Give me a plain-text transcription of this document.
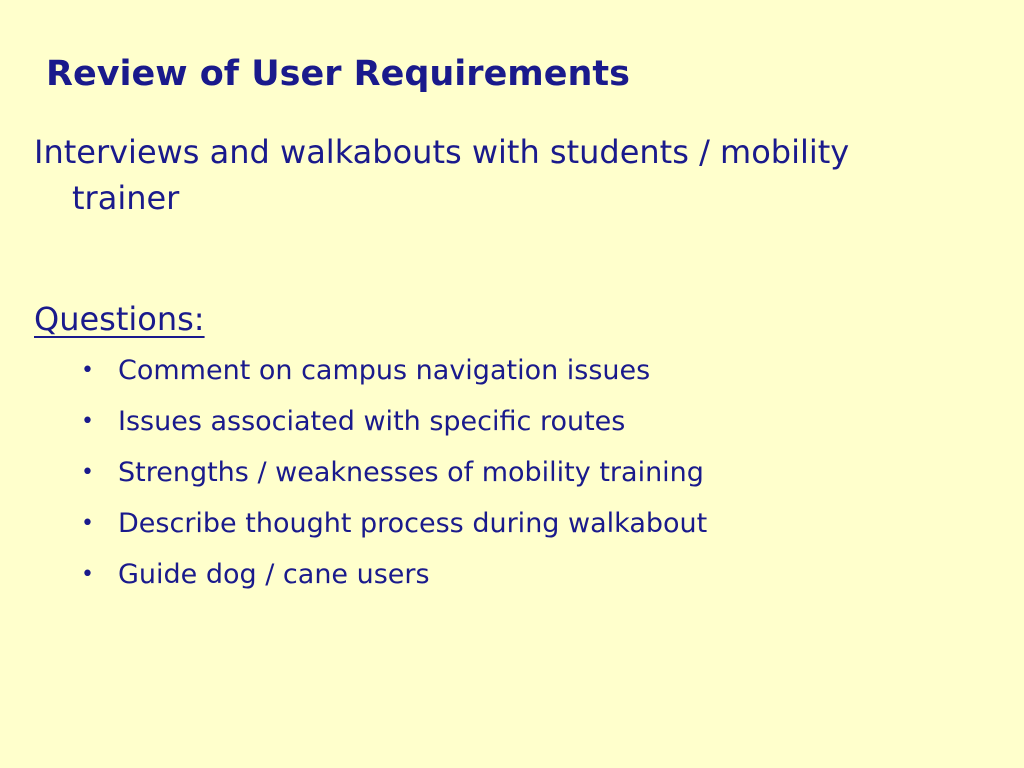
Review of User Requirements

Interviews and walkabouts with students / mobility
trainer

Questions:

• Comment on campus navigation issues
• Issues associated with specific routes
• Strengths / weaknesses of mobility training
• Describe thought process during walkabout
• Guide dog / cane users
